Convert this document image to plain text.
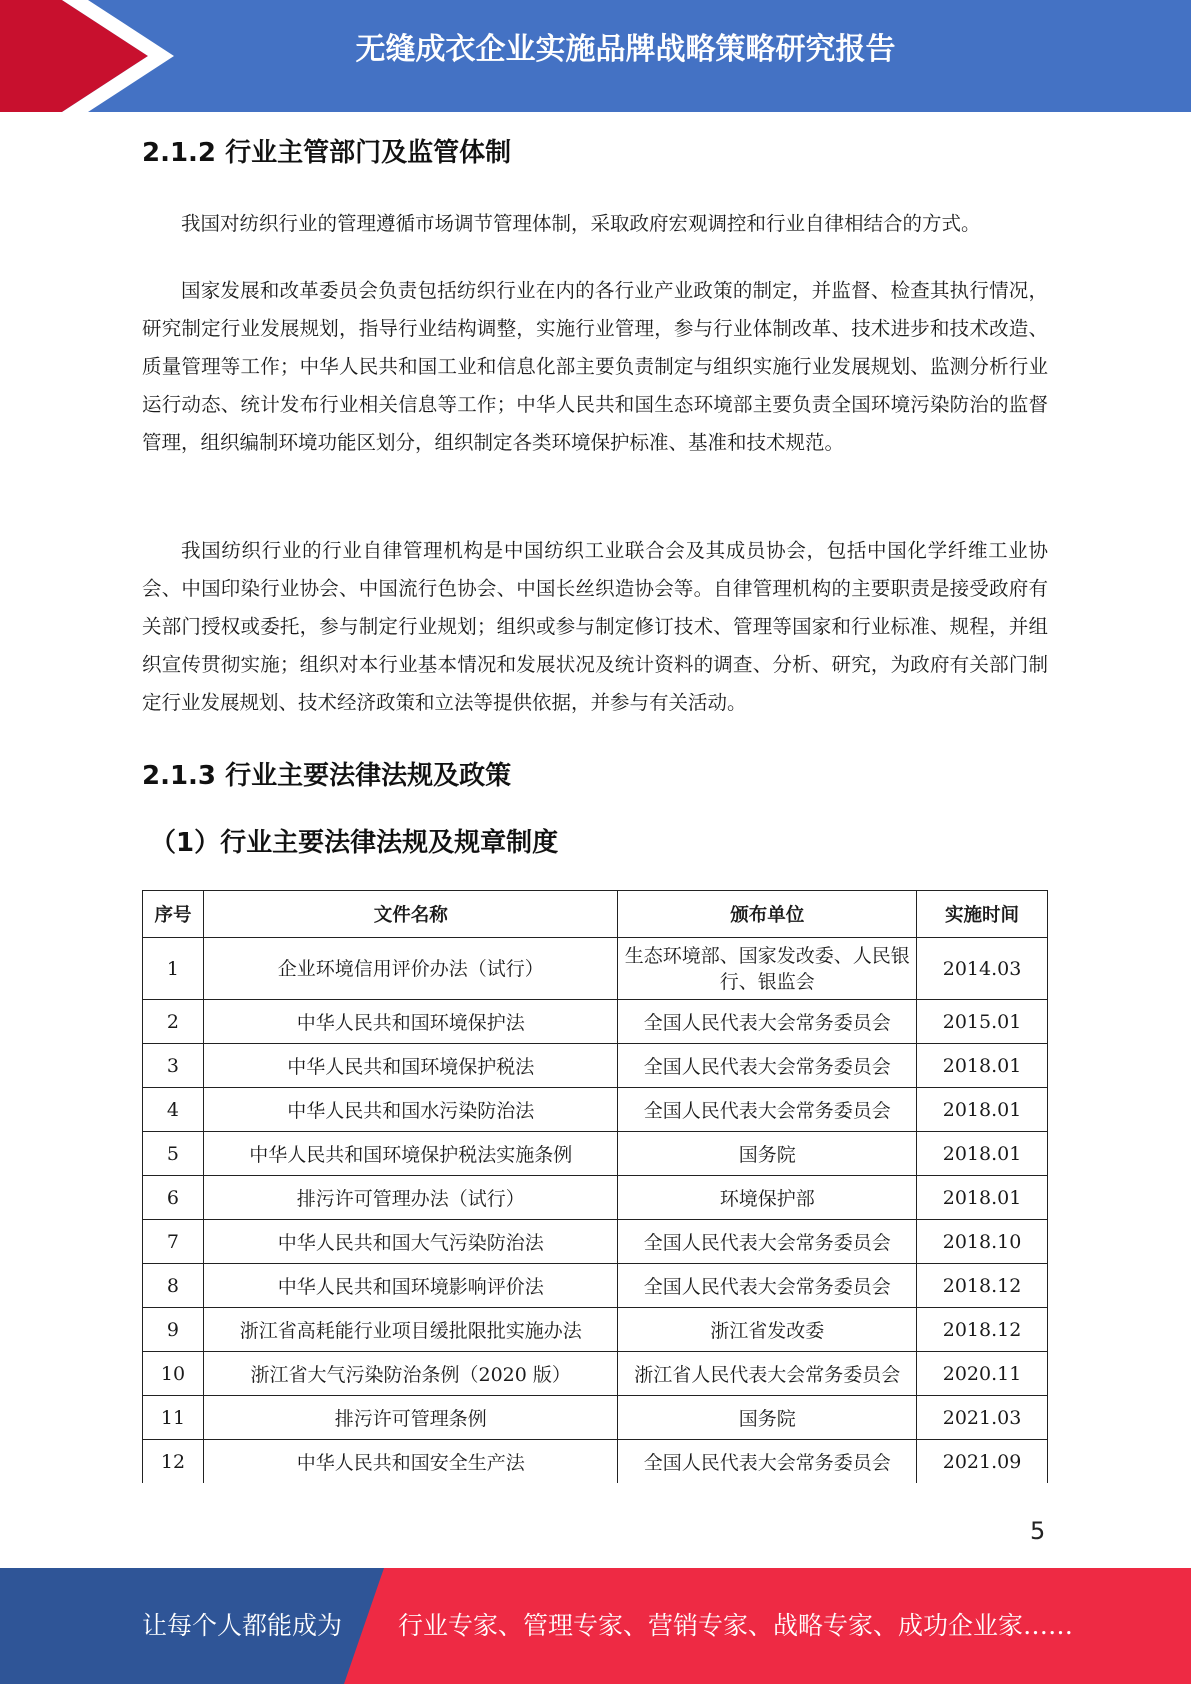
无缝成衣企业实施品牌战略策略研究报告
2.1.2 行业主管部门及监管体制

我国对纺织行业的管理遵循市场调节管理体制，采取政府宏观调控和行业自律相结合的方式。

国家发展和改革委员会负责包括纺织行业在内的各行业产业政策的制定，并监督、检查其执行情况，研究制定行业发展规划，指导行业结构调整，实施行业管理，参与行业体制改革、技术进步和技术改造、质量管理等工作；中华人民共和国工业和信息化部主要负责制定与组织实施行业发展规划、监测分析行业运行动态、统计发布行业相关信息等工作；中华人民共和国生态环境部主要负责全国环境污染防治的监督管理，组织编制环境功能区划分，组织制定各类环境保护标准、基准和技术规范。

我国纺织行业的行业自律管理机构是中国纺织工业联合会及其成员协会，包括中国化学纤维工业协会、中国印染行业协会、中国流行色协会、中国长丝织造协会等。自律管理机构的主要职责是接受政府有关部门授权或委托，参与制定行业规划；组织或参与制定修订技术、管理等国家和行业标准、规程，并组织宣传贯彻实施；组织对本行业基本情况和发展状况及统计资料的调查、分析、研究，为政府有关部门制定行业发展规划、技术经济政策和立法等提供依据，并参与有关活动。

2.1.3 行业主要法律法规及政策
（1）行业主要法律法规及规章制度
序号	文件名称	颁布单位	实施时间
1	企业环境信用评价办法（试行）	生态环境部、国家发改委、人民银行、银监会	2014.03
2	中华人民共和国环境保护法	全国人民代表大会常务委员会	2015.01
3	中华人民共和国环境保护税法	全国人民代表大会常务委员会	2018.01
4	中华人民共和国水污染防治法	全国人民代表大会常务委员会	2018.01
5	中华人民共和国环境保护税法实施条例	国务院	2018.01
6	排污许可管理办法（试行）	环境保护部	2018.01
7	中华人民共和国大气污染防治法	全国人民代表大会常务委员会	2018.10
8	中华人民共和国环境影响评价法	全国人民代表大会常务委员会	2018.12
9	浙江省高耗能行业项目缓批限批实施办法	浙江省发改委	2018.12
10	浙江省大气污染防治条例（2020 版）	浙江省人民代表大会常务委员会	2020.11
11	排污许可管理条例	国务院	2021.03
12	中华人民共和国安全生产法	全国人民代表大会常务委员会	2021.09
5
让每个人都能成为 行业专家、管理专家、营销专家、战略专家、成功企业家……
